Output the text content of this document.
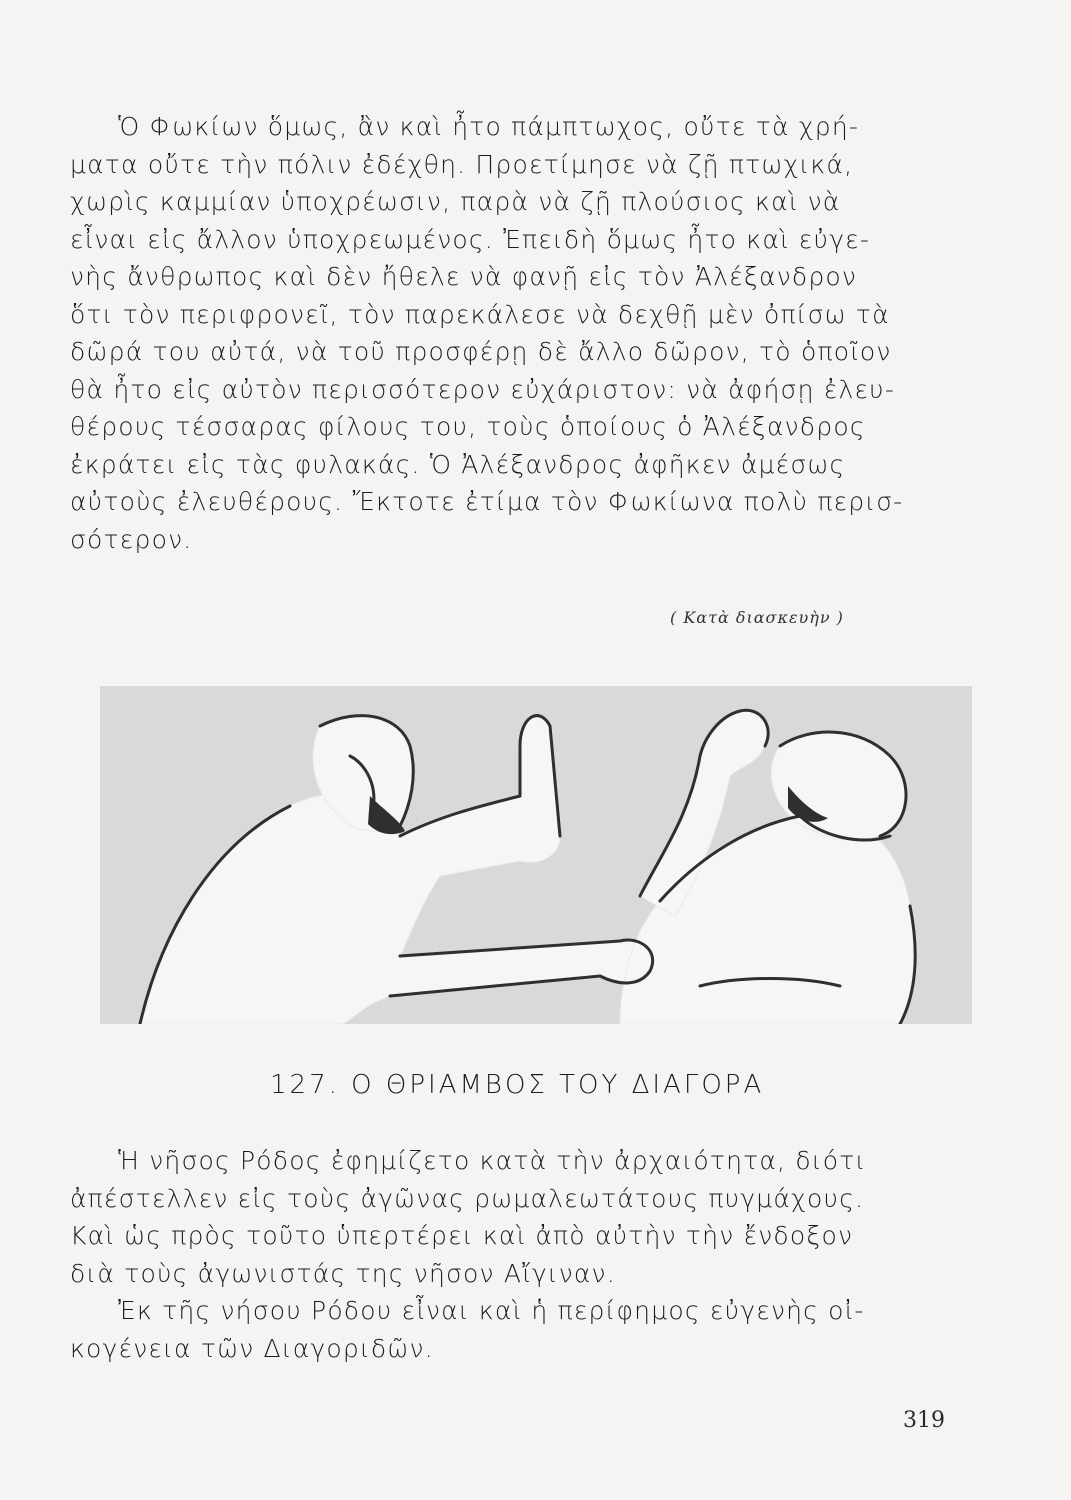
Ὁ Φωκίων ὅμως, ἂν καὶ ἦτο πάμπτωχος, οὔτε τὰ χρή-
ματα οὔτε τὴν πόλιν ἐδέχθη. Προετίμησε νὰ ζῇ πτωχικά,
χωρὶς καμμίαν ὑποχρέωσιν, παρὰ νὰ ζῇ πλούσιος καὶ νὰ
εἶναι εἰς ἄλλον ὑποχρεωμένος. Ἐπειδὴ ὅμως ἦτο καὶ εὐγε-
νὴς ἄνθρωπος καὶ δὲν ἤθελε νὰ φανῇ εἰς τὸν Ἀλέξανδρον
ὅτι τὸν περιφρονεῖ, τὸν παρεκάλεσε νὰ δεχθῇ μὲν ὀπίσω τὰ
δῶρά του αὐτά, νὰ τοῦ προσφέρῃ δὲ ἄλλο δῶρον, τὸ ὁποῖον
θὰ ἦτο εἰς αὐτὸν περισσότερον εὐχάριστον: νὰ ἀφήσῃ ἐλευ-
θέρους τέσσαρας φίλους του, τοὺς ὁποίους ὁ Ἀλέξανδρος
ἐκράτει εἰς τὰς φυλακάς. Ὁ Ἀλέξανδρος ἀφῆκεν ἀμέσως
αὐτοὺς ἐλευθέρους. Ἔκτοτε ἐτίμα τὸν Φωκίωνα πολὺ περισ-
σότερον.
( Κατὰ διασκευὴν )
127. Ο ΘΡΙΑΜΒΟΣ ΤΟΥ ΔΙΑΓΟΡΑ
Ἡ νῆσος Ρόδος ἐφημίζετο κατὰ τὴν ἀρχαιότητα, διότι
ἀπέστελλεν εἰς τοὺς ἀγῶνας ρωμαλεωτάτους πυγμάχους.
Καὶ ὡς πρὸς τοῦτο ὑπερτέρει καὶ ἀπὸ αὐτὴν τὴν ἔνδοξον
διὰ τοὺς ἀγωνιστάς της νῆσον Αἴγιναν.
Ἐκ τῆς νήσου Ρόδου εἶναι καὶ ἡ περίφημος εὐγενὴς οἰ-
κογένεια τῶν Διαγοριδῶν.
319
